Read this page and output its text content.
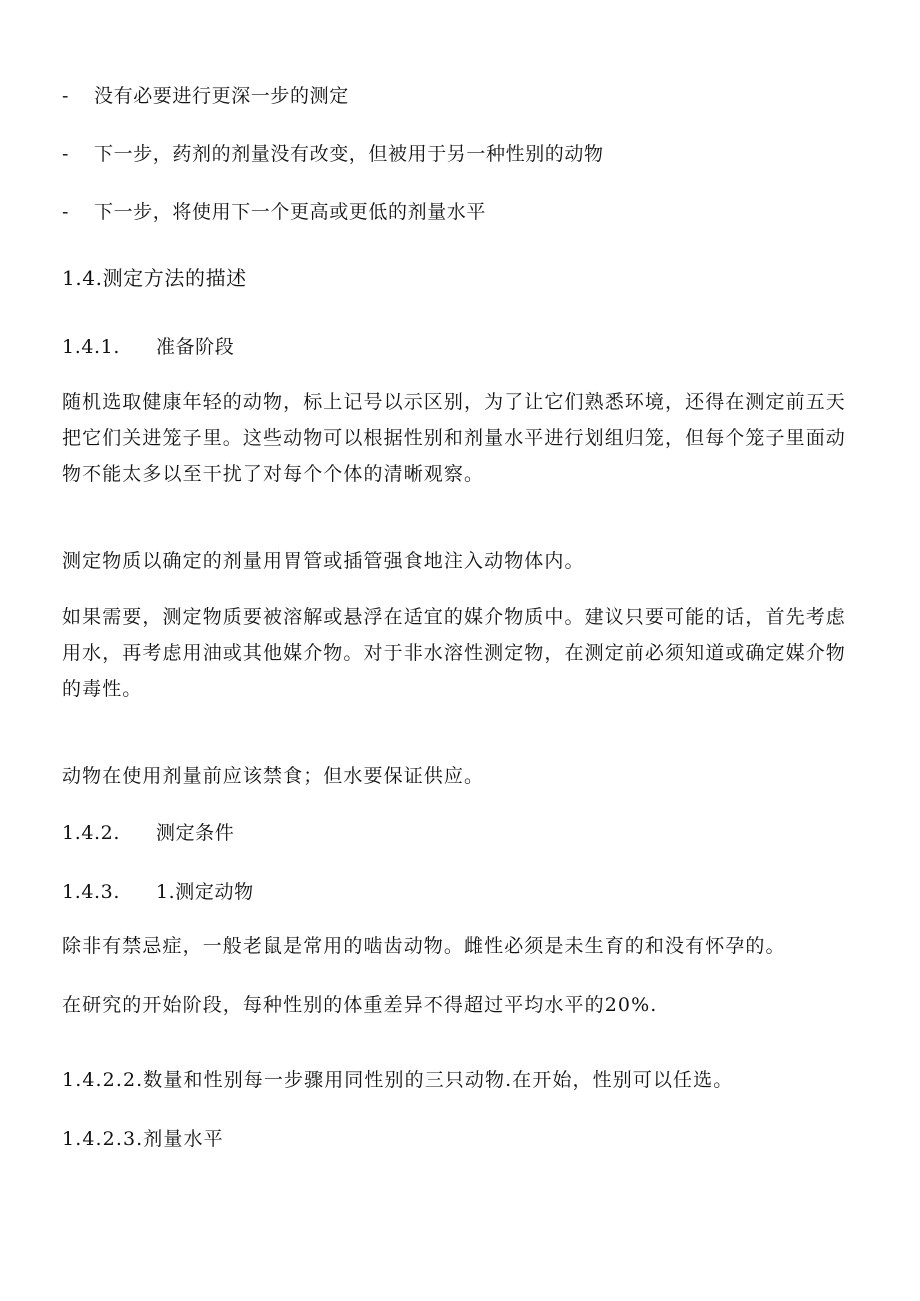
- 没有必要进行更深一步的测定
- 下一步，药剂的剂量没有改变，但被用于另一种性别的动物
- 下一步，将使用下一个更高或更低的剂量水平
1.4.测定方法的描述
1.4.1. 准备阶段
随机选取健康年轻的动物，标上记号以示区别，为了让它们熟悉环境，还得在测定前五天
把它们关进笼子里。这些动物可以根据性别和剂量水平进行划组归笼，但每个笼子里面动
物不能太多以至干扰了对每个个体的清晰观察。
测定物质以确定的剂量用胃管或插管强食地注入动物体内。
如果需要，测定物质要被溶解或悬浮在适宜的媒介物质中。建议只要可能的话，首先考虑
用水，再考虑用油或其他媒介物。对于非水溶性测定物，在测定前必须知道或确定媒介物
的毒性。
动物在使用剂量前应该禁食；但水要保证供应。
1.4.2. 测定条件
1.4.3. 1.测定动物
除非有禁忌症，一般老鼠是常用的啮齿动物。雌性必须是未生育的和没有怀孕的。
在研究的开始阶段，每种性别的体重差异不得超过平均水平的20%.
1.4.2.2.数量和性别每一步骤用同性别的三只动物.在开始，性别可以任选。
1.4.2.3.剂量水平
